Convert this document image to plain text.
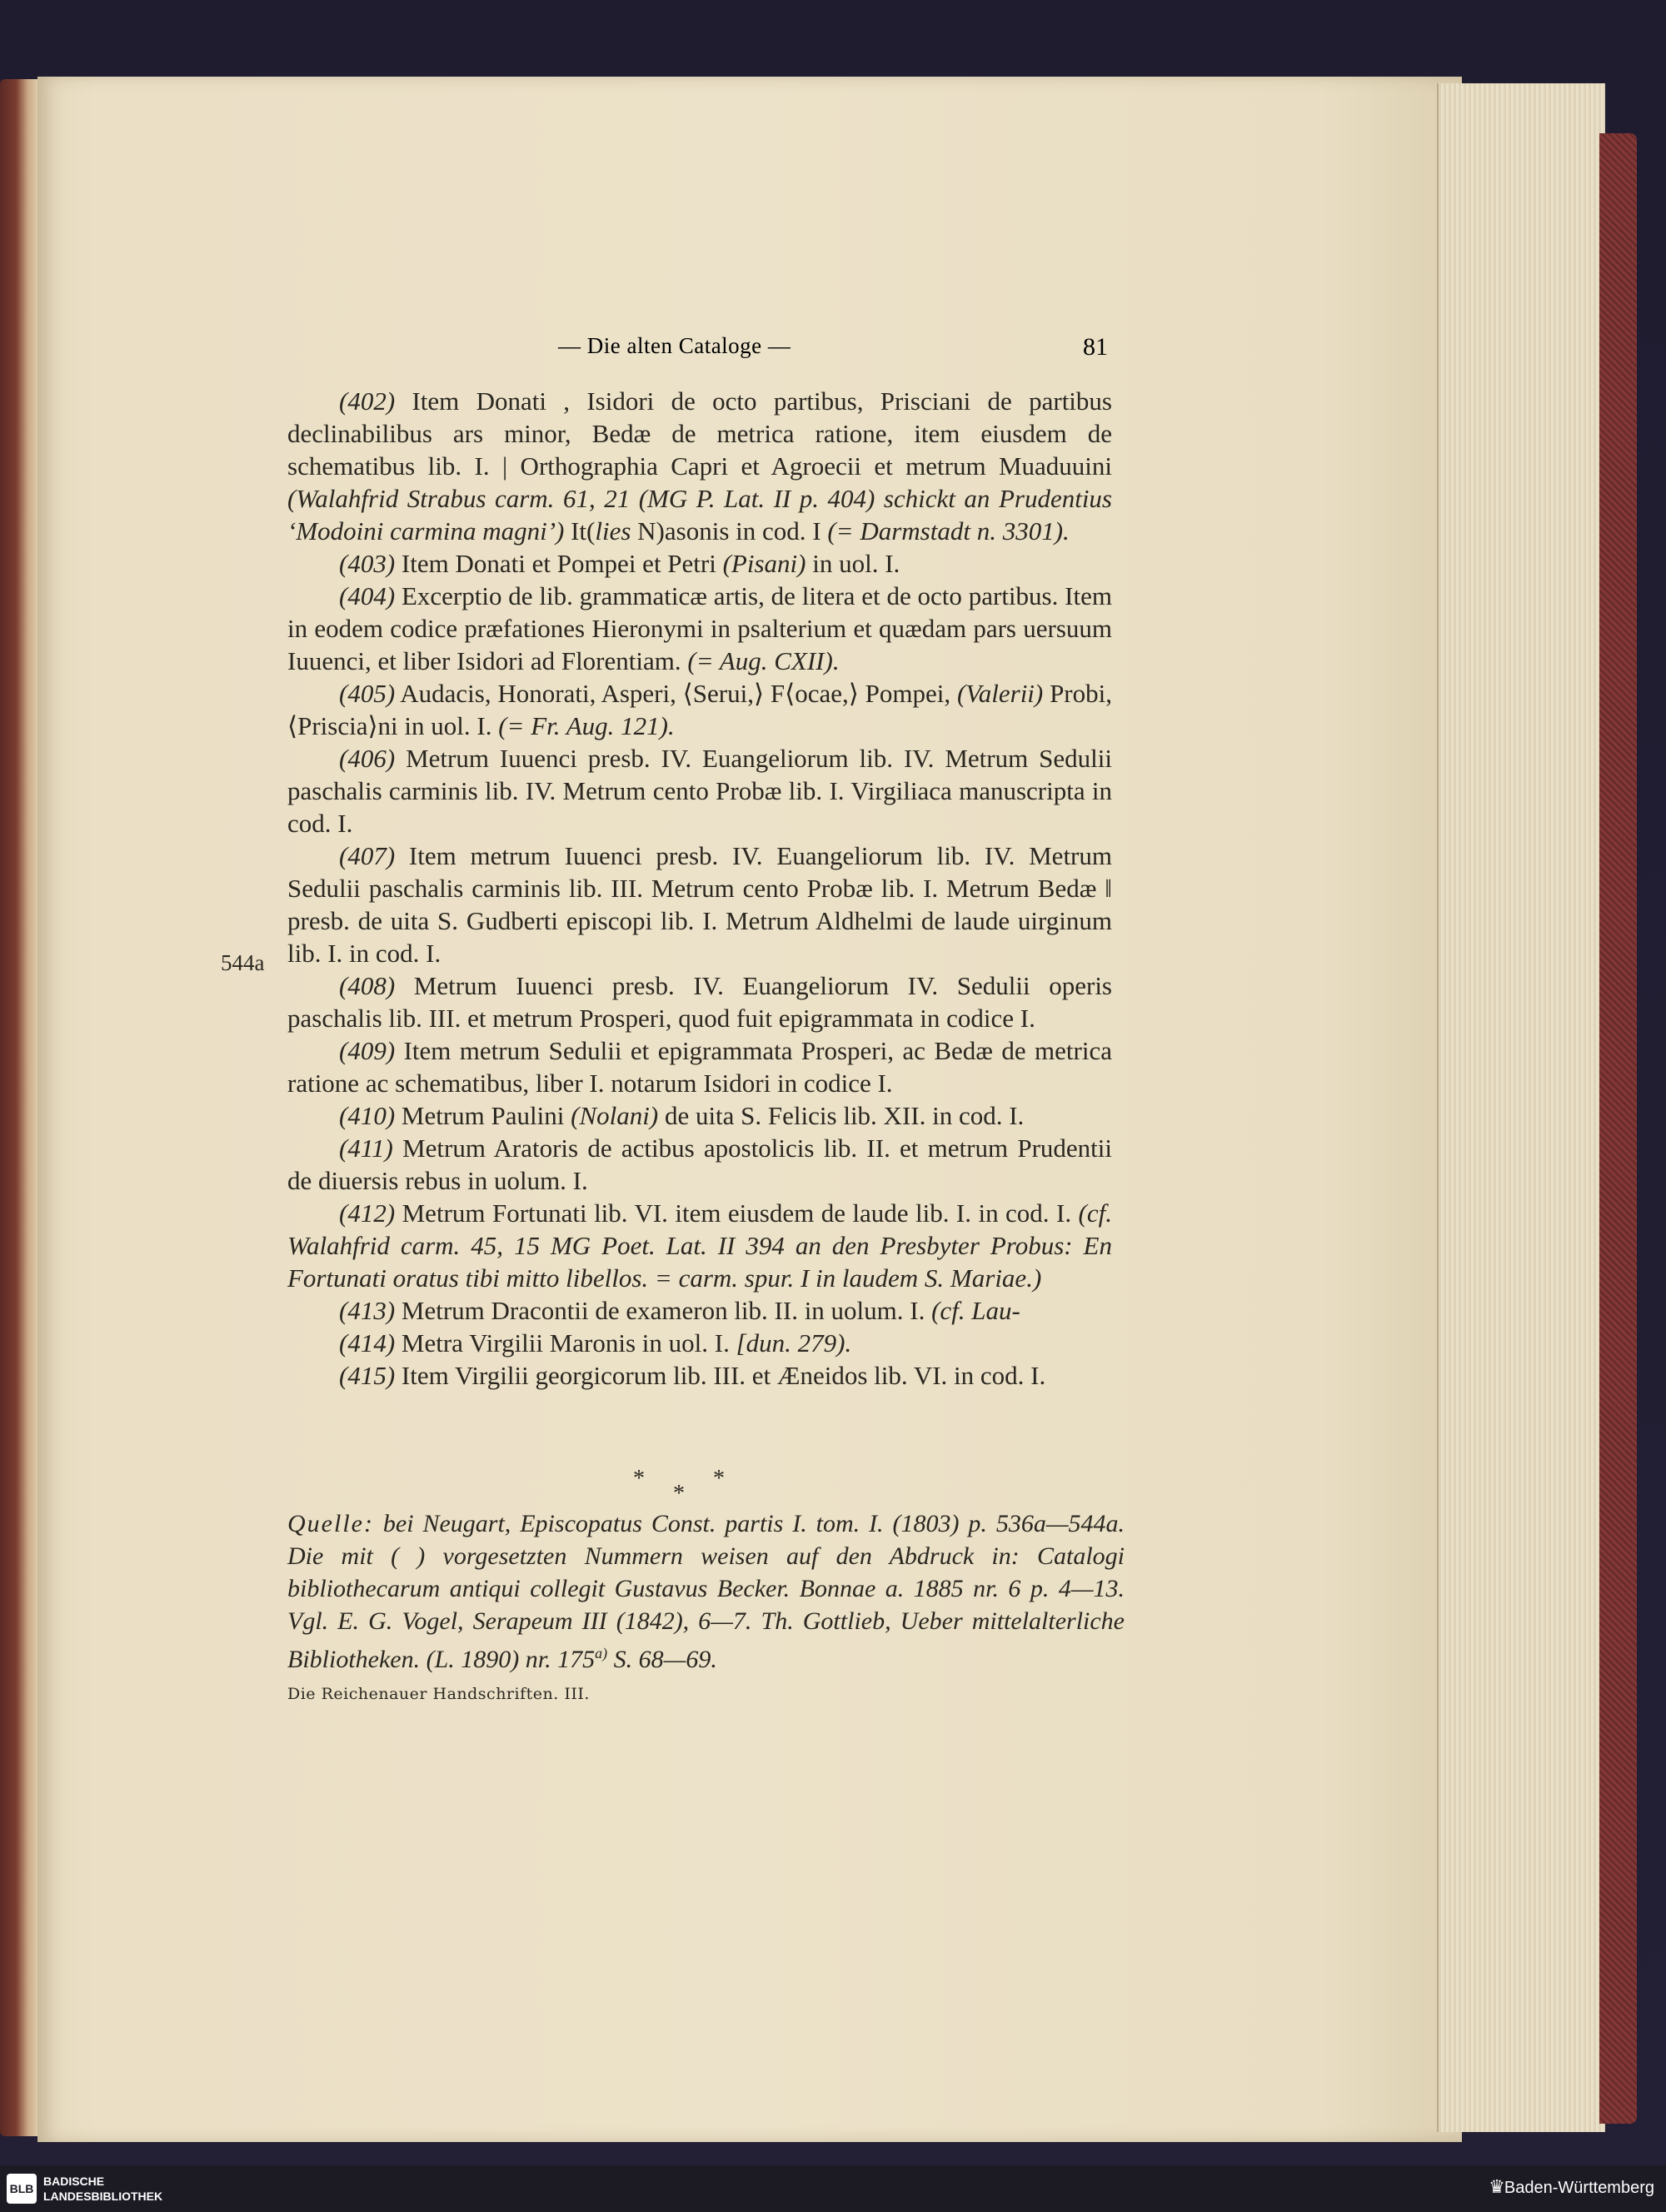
— Die alten Cataloge —	81
544a

(402) Item Donati , Isidori de octo partibus, Prisciani de partibus declinabilibus ars minor, Bedæ de metrica ratione, item eiusdem de schematibus lib. I. | Orthographia Capri et Agroecii et metrum Muaduuini (Walahfrid Strabus carm. 61, 21 (MG P. Lat. II p. 404) schickt an Prudentius ‘Modoini carmina magni’) It(lies N)asonis in cod. I (= Darmstadt n. 3301).

(403) Item Donati et Pompei et Petri (Pisani) in uol. I.

(404) Excerptio de lib. grammaticæ artis, de litera et de octo partibus. Item in eodem codice præfationes Hieronymi in psalterium et quædam pars uersuum Iuuenci, et liber Isidori ad Florentiam. (= Aug. CXII).

(405) Audacis, Honorati, Asperi, ⟨Serui,⟩ F⟨ocae,⟩ Pompei, (Valerii) Probi, ⟨Priscia⟩ni in uol. I. (= Fr. Aug. 121).

(406) Metrum Iuuenci presb. IV. Euangeliorum lib. IV. Metrum Sedulii paschalis carminis lib. IV. Metrum cento Probæ lib. I. Virgiliaca manuscripta in cod. I.

(407) Item metrum Iuuenci presb. IV. Euangeliorum lib. IV. Metrum Sedulii paschalis carminis lib. III. Metrum cento Probæ lib. I. Metrum Bedæ ‖ presb. de uita S. Gudberti episcopi lib. I. Metrum Aldhelmi de laude uirginum lib. I. in cod. I.

(408) Metrum Iuuenci presb. IV. Euangeliorum IV. Sedulii operis paschalis lib. III. et metrum Prosperi, quod fuit epigrammata in codice I.

(409) Item metrum Sedulii et epigrammata Prosperi, ac Bedæ de metrica ratione ac schematibus, liber I. notarum Isidori in codice I.

(410) Metrum Paulini (Nolani) de uita S. Felicis lib. XII. in cod. I.

(411) Metrum Aratoris de actibus apostolicis lib. II. et metrum Prudentii de diuersis rebus in uolum. I.

(412) Metrum Fortunati lib. VI. item eiusdem de laude lib. I. in cod. I. (cf. Walahfrid carm. 45, 15 MG Poet. Lat. II 394 an den Presbyter Probus: En Fortunati oratus tibi mitto libellos. = carm. spur. I in laudem S. Mariae.)

(413) Metrum Dracontii de exameron lib. II. in uolum. I. (cf. Lau-

(414) Metra Virgilii Maronis in uol. I. [dun. 279).

(415) Item Virgilii georgicorum lib. III. et Æneidos lib. VI. in cod. I.

*
*
*
Quelle: bei Neugart, Episcopatus Const. partis I. tom. I. (1803) p. 536a—544a. Die mit ( ) vorgesetzten Nummern weisen auf den Abdruck in: Catalogi bibliothecarum antiqui collegit Gustavus Becker. Bonnae a. 1885 nr. 6 p. 4—13. Vgl. E. G. Vogel, Serapeum III (1842), 6—7. Th. Gottlieb, Ueber mittelalterliche Bibliotheken. (L. 1890) nr. 175$^{a)}$ S. 68—69.
Die Reichenauer Handschriften. III.
BLB
BADISCHE
LANDESBIBLIOTHEK	♛ Baden-Württemberg
